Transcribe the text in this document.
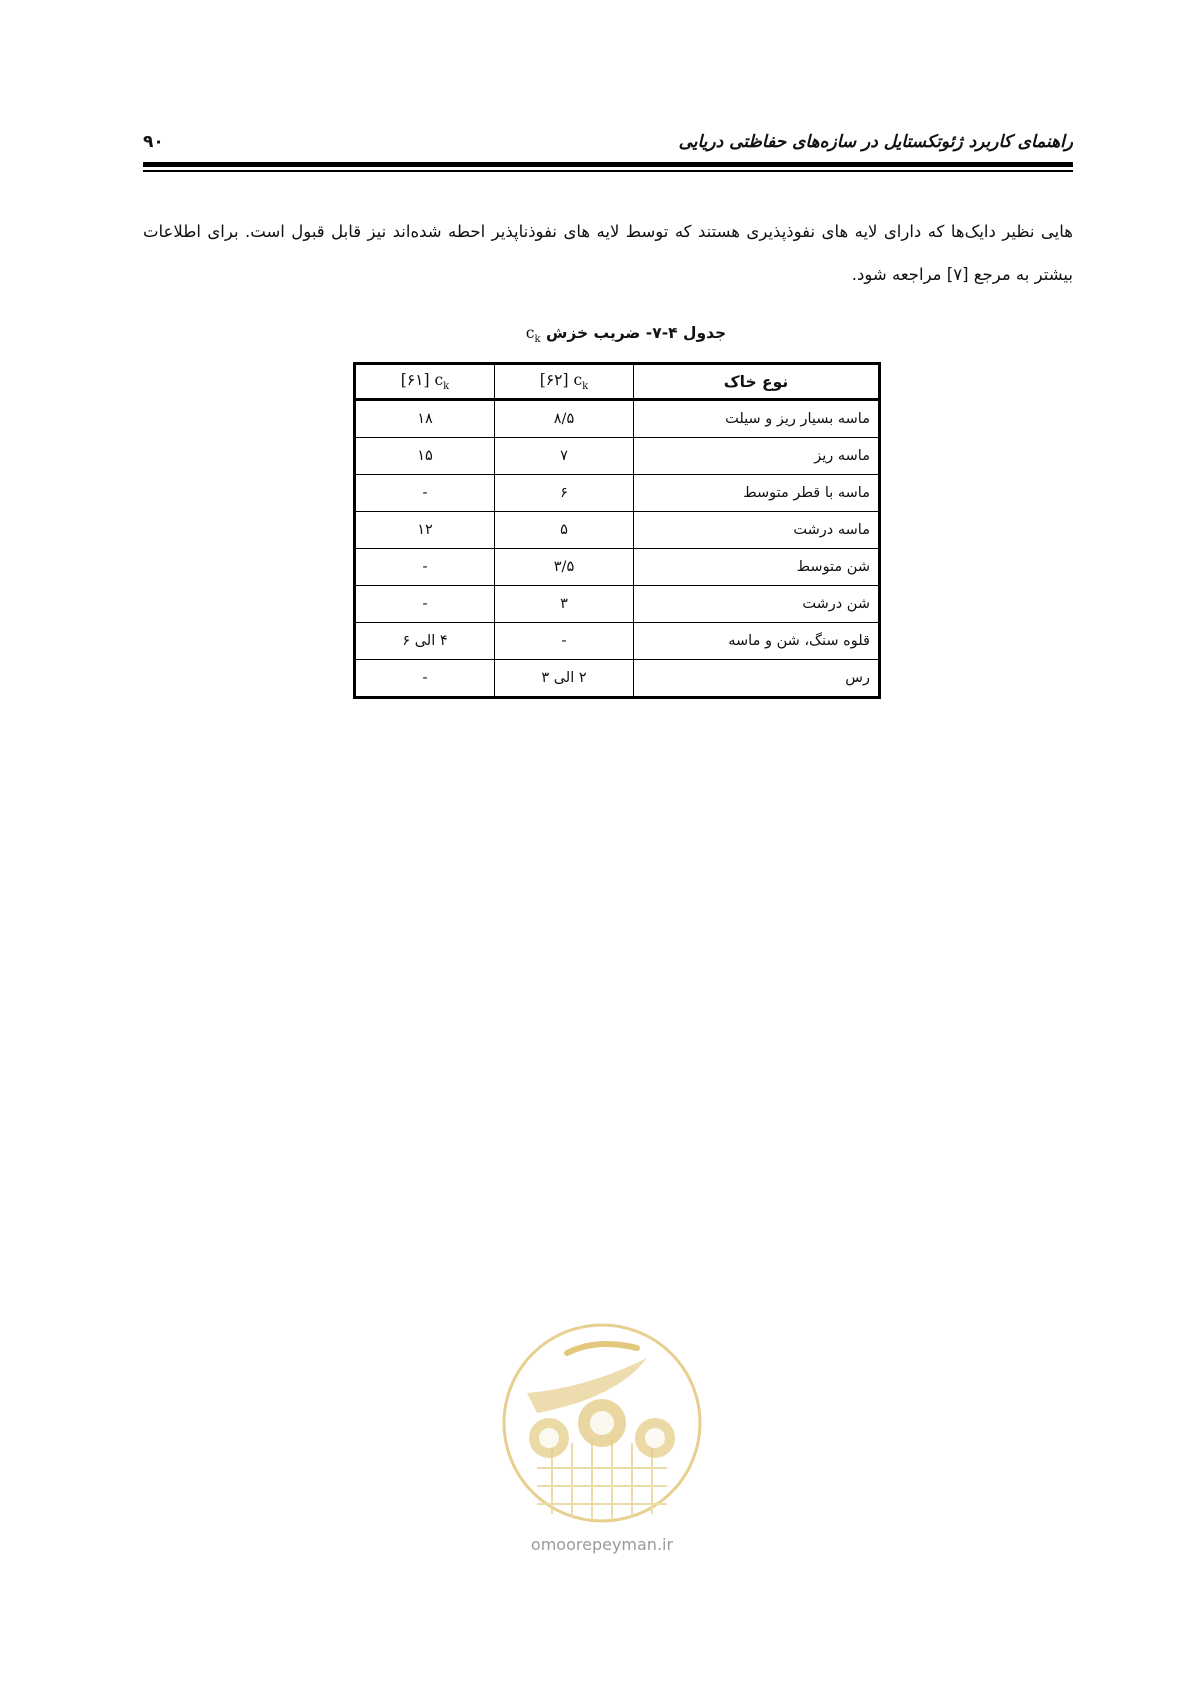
راهنمای کاربرد ژئوتکستایل در سازه‌های حفاظتی دریایی
۹۰

هایی نظیر دایک‌ها که دارای لایه های نفوذپذیری هستند که توسط لایه های نفوذناپذیر احطه شده‌اند نیز قابل قبول است. برای اطلاعات بیشتر به مرجع [۷] مراجعه شود.

جدول ۴-۷- ضریب خزش $c_k$
نوع خاک	[۶۲] $c_k$	[۶۱] $c_k$
ماسه بسیار ریز و سیلت	۸/۵	۱۸
ماسه ریز	۷	۱۵
ماسه با قطر متوسط	۶	-
ماسه درشت	۵	۱۲
شن متوسط	۳/۵	-
شن درشت	۳	-
قلوه سنگ، شن و ماسه	-	۴ الی ۶
رس	۲ الی ۳	-
omoorepeyman.ir
